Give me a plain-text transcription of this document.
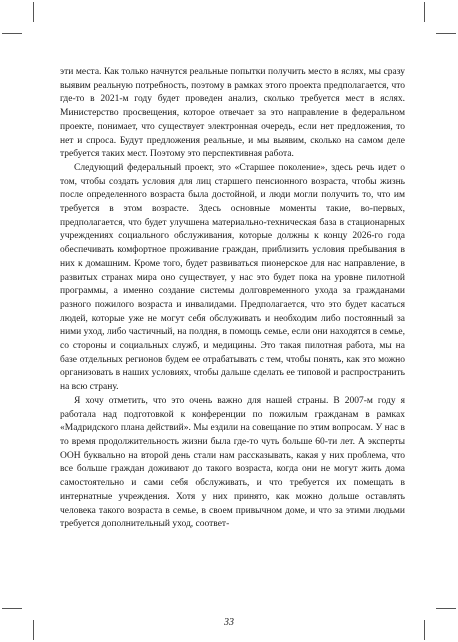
эти места. Как только начнутся реальные попытки получить место в яслях, мы сразу выявим реальную потребность, поэтому в рамках этого проекта предполагается, что где-то в 2021-м году будет проведен анализ, сколько требуется мест в яслях. Министерство просвещения, которое отвечает за это направление в федеральном проекте, понимает, что существует электронная очередь, если нет предложения, то нет и спроса. Будут предложения реальные, и мы выявим, сколько на самом деле требуется таких мест. Поэтому это перспективная работа.

Следующий федеральный проект, это «Старшее поколение», здесь речь идет о том, чтобы создать условия для лиц старшего пенсионного возраста, чтобы жизнь после определенного возраста была достойной, и люди могли получить то, что им требуется в этом возрасте. Здесь основные моменты такие, во-первых, предполагается, что будет улучшена материально-техническая база в стационарных учреждениях социального обслуживания, которые должны к концу 2026-го года обеспечивать комфортное проживание граждан, приблизить условия пребывания в них к домашним. Кроме того, будет развиваться пионерское для нас направление, в развитых странах мира оно существует, у нас это будет пока на уровне пилотной программы, а именно создание системы долговременного ухода за гражданами разного пожилого возраста и инвалидами. Предполагается, что это будет касаться людей, которые уже не могут себя обслуживать и необходим либо постоянный за ними уход, либо частичный, на полдня, в помощь семье, если они находятся в семье, со стороны и социальных служб, и медицины. Это такая пилотная работа, мы на базе отдельных регионов будем ее отрабатывать с тем, чтобы понять, как это можно организовать в наших условиях, чтобы дальше сделать ее типовой и распространить на всю страну.

Я хочу отметить, что это очень важно для нашей страны. В 2007-м году я работала над подготовкой к конференции по пожилым гражданам в рамках «Мадридского плана действий». Мы ездили на совещание по этим вопросам. У нас в то время продолжительность жизни была где-то чуть больше 60-ти лет. А эксперты ООН буквально на второй день стали нам рассказывать, какая у них проблема, что все больше граждан доживают до такого возраста, когда они не могут жить дома самостоятельно и сами себя обслуживать, и что требуется их помещать в интернатные учреждения. Хотя у них принято, как можно дольше оставлять человека такого возраста в семье, в своем привычном доме, и что за этими людьми требуется дополнительный уход, соответ-

33
